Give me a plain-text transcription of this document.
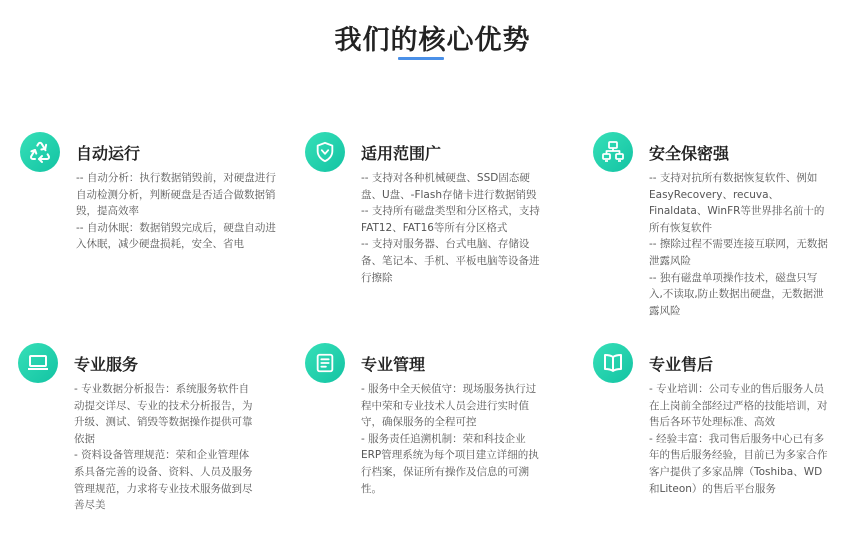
我们的核心优势
自动运行

-- 自动分析：执行数据销毁前，对硬盘进行自动检测分析，判断硬盘是否适合做数据销毁，提高效率

-- 自动休眠：数据销毁完成后，硬盘自动进入休眠，减少硬盘损耗，安全、省电

适用范围广

-- 支持对各种机械硬盘、SSD固态硬盘、U盘、-Flash存储卡进行数据销毁

-- 支持所有磁盘类型和分区格式，支持FAT12、FAT16等所有分区格式

-- 支持对服务器、台式电脑、存储设备、笔记本、手机、平板电脑等设备进行擦除

安全保密强

-- 支持对抗所有数据恢复软件、例如EasyRecovery、recuva、Finaldata、WinFR等世界排名前十的所有恢复软件

-- 擦除过程不需要连接互联网，无数据泄露风险

-- 独有磁盘单项操作技术，磁盘只写入,不读取,防止数据出硬盘，无数据泄露风险

专业服务

- 专业数据分析报告：系统服务软件自动提交详尽、专业的技术分析报告，为升级、测试、销毁等数据操作提供可靠依据

- 资料设备管理规范：荣和企业管理体系具备完善的设备、资料、人员及服务管理规范，力求将专业技术服务做到尽善尽美

专业管理

- 服务中全天候值守：现场服务执行过程中荣和专业技术人员会进行实时值守，确保服务的全程可控

- 服务责任追溯机制：荣和科技企业ERP管理系统为每个项目建立详细的执行档案，保证所有操作及信息的可溯性。

专业售后

- 专业培训：公司专业的售后服务人员在上岗前全部经过严格的技能培训，对售后各环节处理标准、高效

- 经验丰富：我司售后服务中心已有多年的售后服务经验，目前已为多家合作客户提供了多家品牌（Toshiba、WD和Liteon）的售后平台服务
